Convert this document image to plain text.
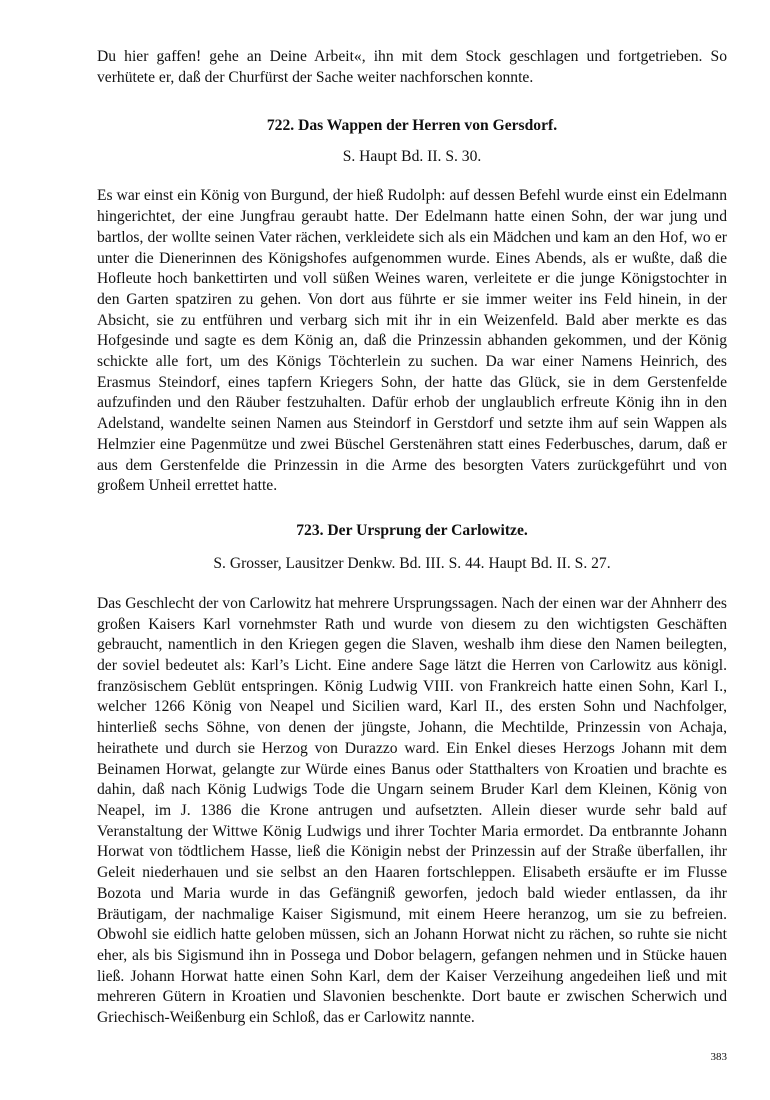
Du hier gaffen! gehe an Deine Arbeit«, ihn mit dem Stock geschlagen und fortgetrieben. So verhütete er, daß der Churfürst der Sache weiter nachforschen konnte.

722. Das Wappen der Herren von Gersdorf.
S. Haupt Bd. II. S. 30.

Es war einst ein König von Burgund, der hieß Rudolph: auf dessen Befehl wurde einst ein Edelmann hingerichtet, der eine Jungfrau geraubt hatte. Der Edelmann hatte einen Sohn, der war jung und bartlos, der wollte seinen Vater rächen, verkleidete sich als ein Mädchen und kam an den Hof, wo er unter die Dienerinnen des Königshofes aufgenommen wurde. Eines Abends, als er wußte, daß die Hofleute hoch bankettirten und voll süßen Weines waren, verleitete er die junge Königstochter in den Garten spatziren zu gehen. Von dort aus führte er sie immer weiter ins Feld hinein, in der Absicht, sie zu entführen und verbarg sich mit ihr in ein Weizenfeld. Bald aber merkte es das Hofgesinde und sagte es dem König an, daß die Prinzessin abhanden gekommen, und der König schickte alle fort, um des Königs Töchterlein zu suchen. Da war einer Namens Heinrich, des Erasmus Steindorf, eines tapfern Kriegers Sohn, der hatte das Glück, sie in dem Gerstenfelde aufzufinden und den Räuber festzuhalten. Dafür erhob der unglaublich erfreute König ihn in den Adelstand, wandelte seinen Namen aus Steindorf in Gerstdorf und setzte ihm auf sein Wappen als Helmzier eine Pagenmütze und zwei Büschel Gerstenähren statt eines Federbusches, darum, daß er aus dem Gerstenfelde die Prinzessin in die Arme des besorgten Vaters zurückgeführt und von großem Unheil errettet hatte.

723. Der Ursprung der Carlowitze.
S. Grosser, Lausitzer Denkw. Bd. III. S. 44. Haupt Bd. II. S. 27.

Das Geschlecht der von Carlowitz hat mehrere Ursprungssagen. Nach der einen war der Ahnherr des großen Kaisers Karl vornehmster Rath und wurde von diesem zu den wichtigsten Geschäften gebraucht, namentlich in den Kriegen gegen die Slaven, weshalb ihm diese den Namen beilegten, der soviel bedeutet als: Karl’s Licht. Eine andere Sage lätzt die Herren von Carlowitz aus königl. französischem Geblüt entspringen. König Ludwig VIII. von Frankreich hatte einen Sohn, Karl I., welcher 1266 König von Neapel und Sicilien ward, Karl II., des ersten Sohn und Nachfolger, hinterließ sechs Söhne, von denen der jüngste, Johann, die Mechtilde, Prinzessin von Achaja, heirathete und durch sie Herzog von Durazzo ward. Ein Enkel dieses Herzogs Johann mit dem Beinamen Horwat, gelangte zur Würde eines Banus oder Statthalters von Kroatien und brachte es dahin, daß nach König Ludwigs Tode die Ungarn seinem Bruder Karl dem Kleinen, König von Neapel, im J. 1386 die Krone antrugen und aufsetzten. Allein dieser wurde sehr bald auf Veranstaltung der Wittwe König Ludwigs und ihrer Tochter Maria ermordet. Da entbrannte Johann Horwat von tödtlichem Hasse, ließ die Königin nebst der Prinzessin auf der Straße überfallen, ihr Geleit niederhauen und sie selbst an den Haaren fortschleppen. Elisabeth ersäufte er im Flusse Bozota und Maria wurde in das Gefängniß geworfen, jedoch bald wieder entlassen, da ihr Bräutigam, der nachmalige Kaiser Sigismund, mit einem Heere heranzog, um sie zu befreien. Obwohl sie eidlich hatte geloben müssen, sich an Johann Horwat nicht zu rächen, so ruhte sie nicht eher, als bis Sigismund ihn in Possega und Dobor belagern, gefangen nehmen und in Stücke hauen ließ. Johann Horwat hatte einen Sohn Karl, dem der Kaiser Verzeihung angedeihen ließ und mit mehreren Gütern in Kroatien und Slavonien beschenkte. Dort baute er zwischen Scherwich und Griechisch-Weißenburg ein Schloß, das er Carlowitz nannte.

383
